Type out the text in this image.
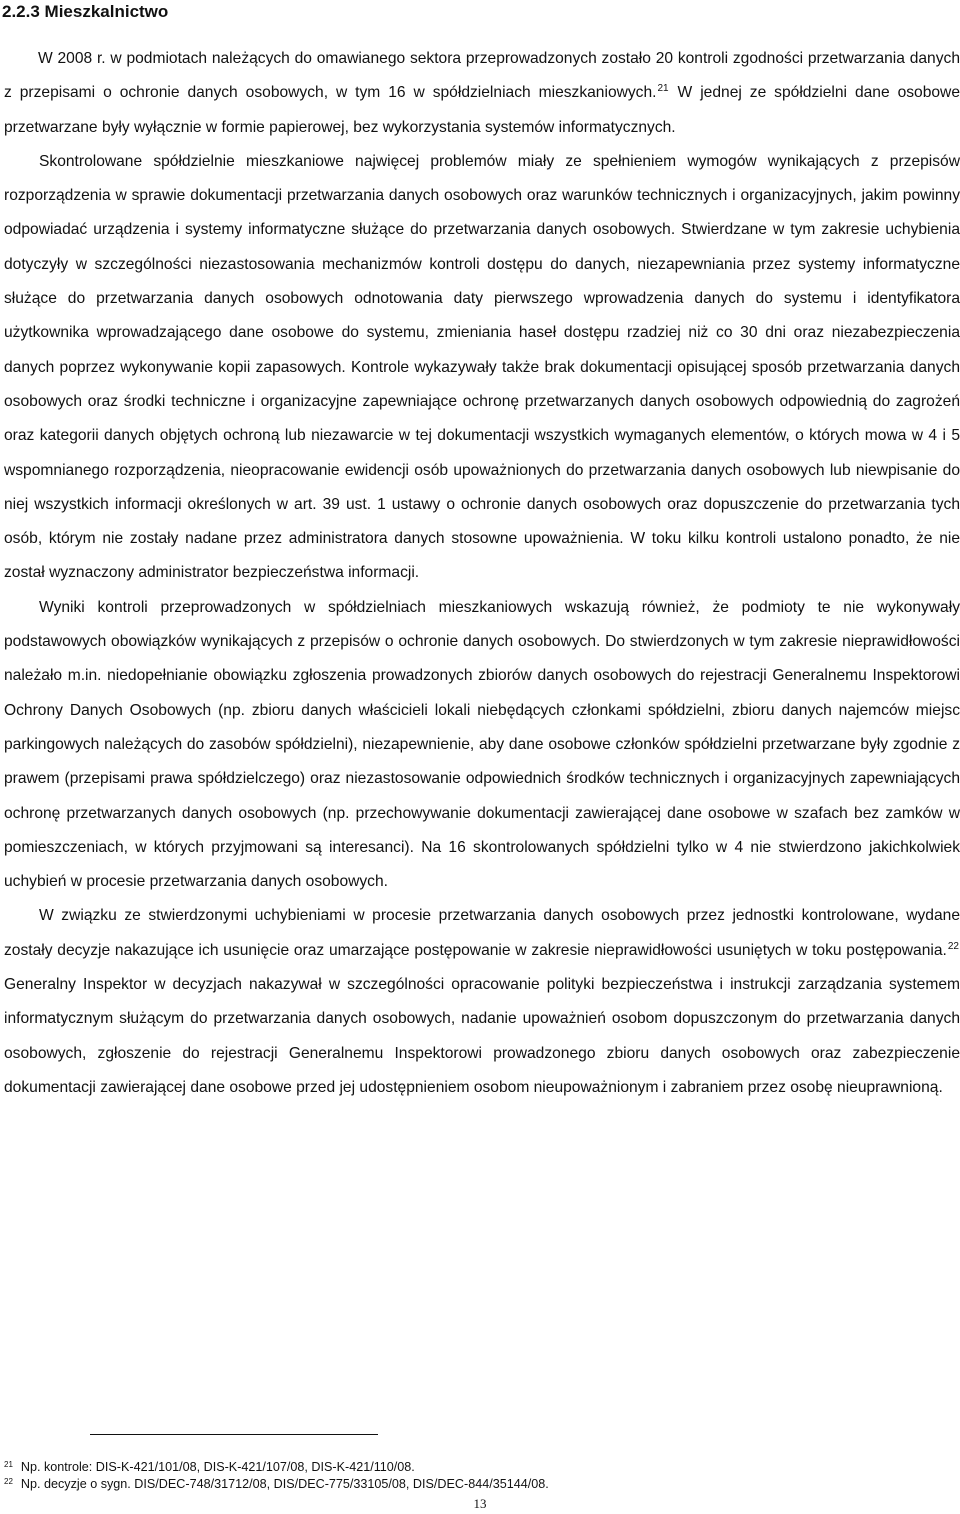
2.2.3 Mieszkalnictwo

W 2008 r. w podmiotach należących do omawianego sektora przeprowadzonych zostało 20 kontroli zgodności przetwarzania danych z przepisami o ochronie danych osobowych, w tym 16 w spółdzielniach mieszkaniowych.$^{21}$ W jednej ze spółdzielni dane osobowe przetwarzane były wyłącznie w formie papierowej, bez wykorzystania systemów informatycznych.

Skontrolowane spółdzielnie mieszkaniowe najwięcej problemów miały ze spełnieniem wymogów wynikających z przepisów rozporządzenia w sprawie dokumentacji przetwarzania danych osobowych oraz warunków technicznych i organizacyjnych, jakim powinny odpowiadać urządzenia i systemy informatyczne służące do przetwarzania danych osobowych. Stwierdzane w tym zakresie uchybienia dotyczyły w szczególności niezastosowania mechanizmów kontroli dostępu do danych, niezapewniania przez systemy informatyczne służące do przetwarzania danych osobowych odnotowania daty pierwszego wprowadzenia danych do systemu i identyfikatora użytkownika wprowadzającego dane osobowe do systemu, zmieniania haseł dostępu rzadziej niż co 30 dni oraz niezabezpieczenia danych poprzez wykonywanie kopii zapasowych. Kontrole wykazywały także brak dokumentacji opisującej sposób przetwarzania danych osobowych oraz środki techniczne i organizacyjne zapewniające ochronę przetwarzanych danych osobowych odpowiednią do zagrożeń oraz kategorii danych objętych ochroną lub niezawarcie w tej dokumentacji wszystkich wymaganych elementów, o których mowa w 4 i 5 wspomnianego rozporządzenia, nieopracowanie ewidencji osób upoważnionych do przetwarzania danych osobowych lub niewpisanie do niej wszystkich informacji określonych w art. 39 ust. 1 ustawy o ochronie danych osobowych oraz dopuszczenie do przetwarzania tych osób, którym nie zostały nadane przez administratora danych stosowne upoważnienia. W toku kilku kontroli ustalono ponadto, że nie został wyznaczony administrator bezpieczeństwa informacji.

Wyniki kontroli przeprowadzonych w spółdzielniach mieszkaniowych wskazują również, że podmioty te nie wykonywały podstawowych obowiązków wynikających z przepisów o ochronie danych osobowych. Do stwierdzonych w tym zakresie nieprawidłowości należało m.in. niedopełnianie obowiązku zgłoszenia prowadzonych zbiorów danych osobowych do rejestracji Generalnemu Inspektorowi Ochrony Danych Osobowych (np. zbioru danych właścicieli lokali niebędących członkami spółdzielni, zbioru danych najemców miejsc parkingowych należących do zasobów spółdzielni), niezapewnienie, aby dane osobowe członków spółdzielni przetwarzane były zgodnie z prawem (przepisami prawa spółdzielczego) oraz niezastosowanie odpowiednich środków technicznych i organizacyjnych zapewniających ochronę przetwarzanych danych osobowych (np. przechowywanie dokumentacji zawierającej dane osobowe w szafach bez zamków w pomieszczeniach, w których przyjmowani są interesanci). Na 16 skontrolowanych spółdzielni tylko w 4 nie stwierdzono jakichkolwiek uchybień w procesie przetwarzania danych osobowych.

W związku ze stwierdzonymi uchybieniami w procesie przetwarzania danych osobowych przez jednostki kontrolowane, wydane zostały decyzje nakazujące ich usunięcie oraz umarzające postępowanie w zakresie nieprawidłowości usuniętych w toku postępowania.$^{22}$ Generalny Inspektor w decyzjach nakazywał w szczególności opracowanie polityki bezpieczeństwa i instrukcji zarządzania systemem informatycznym służącym do przetwarzania danych osobowych, nadanie upoważnień osobom dopuszczonym do przetwarzania danych osobowych, zgłoszenie do rejestracji Generalnemu Inspektorowi prowadzonego zbioru danych osobowych oraz zabezpieczenie dokumentacji zawierającej dane osobowe przed jej udostępnieniem osobom nieupoważnionym i zabraniem przez osobę nieuprawnioną.

$^{21}$ Np. kontrole: DIS-K-421/101/08, DIS-K-421/107/08, DIS-K-421/110/08.
$^{22}$ Np. decyzje o sygn. DIS/DEC-748/31712/08, DIS/DEC-775/33105/08, DIS/DEC-844/35144/08.
13
